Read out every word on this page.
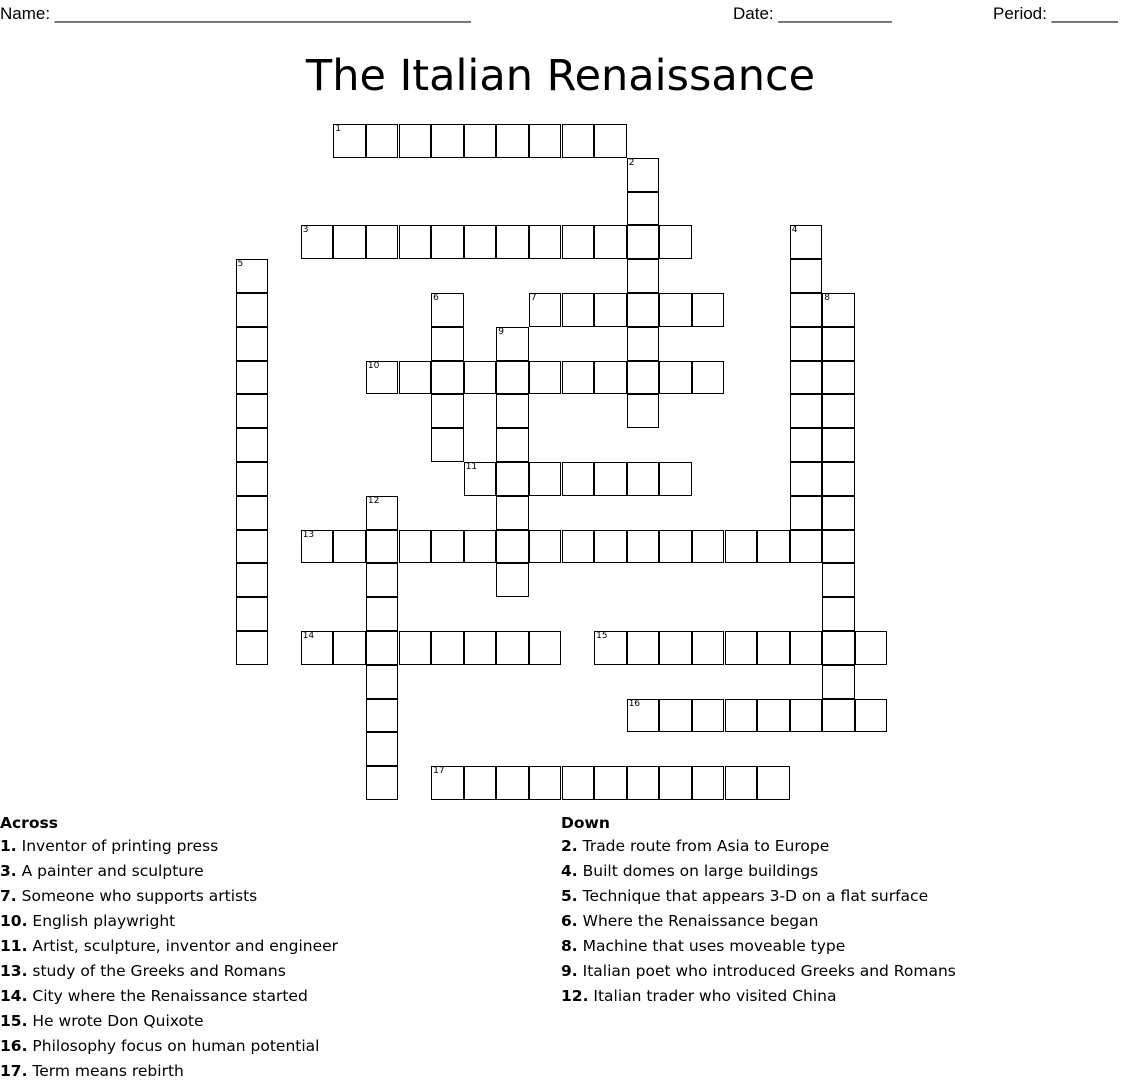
Name: ____________________________________________	Date: ____________	Period: _______
The Italian Renaissance
1
2
3	4
5
6	7	8
9
10
11
12
13
14	15
16
17
Across
1. Inventor of printing press
3. A painter and sculpture
7. Someone who supports artists
10. English playwright
11. Artist, sculpture, inventor and engineer
13. study of the Greeks and Romans
14. City where the Renaissance started
15. He wrote Don Quixote
16. Philosophy focus on human potential
17. Term means rebirth
Down
2. Trade route from Asia to Europe
4. Built domes on large buildings
5. Technique that appears 3-D on a flat surface
6. Where the Renaissance began
8. Machine that uses moveable type
9. Italian poet who introduced Greeks and Romans
12. Italian trader who visited China
